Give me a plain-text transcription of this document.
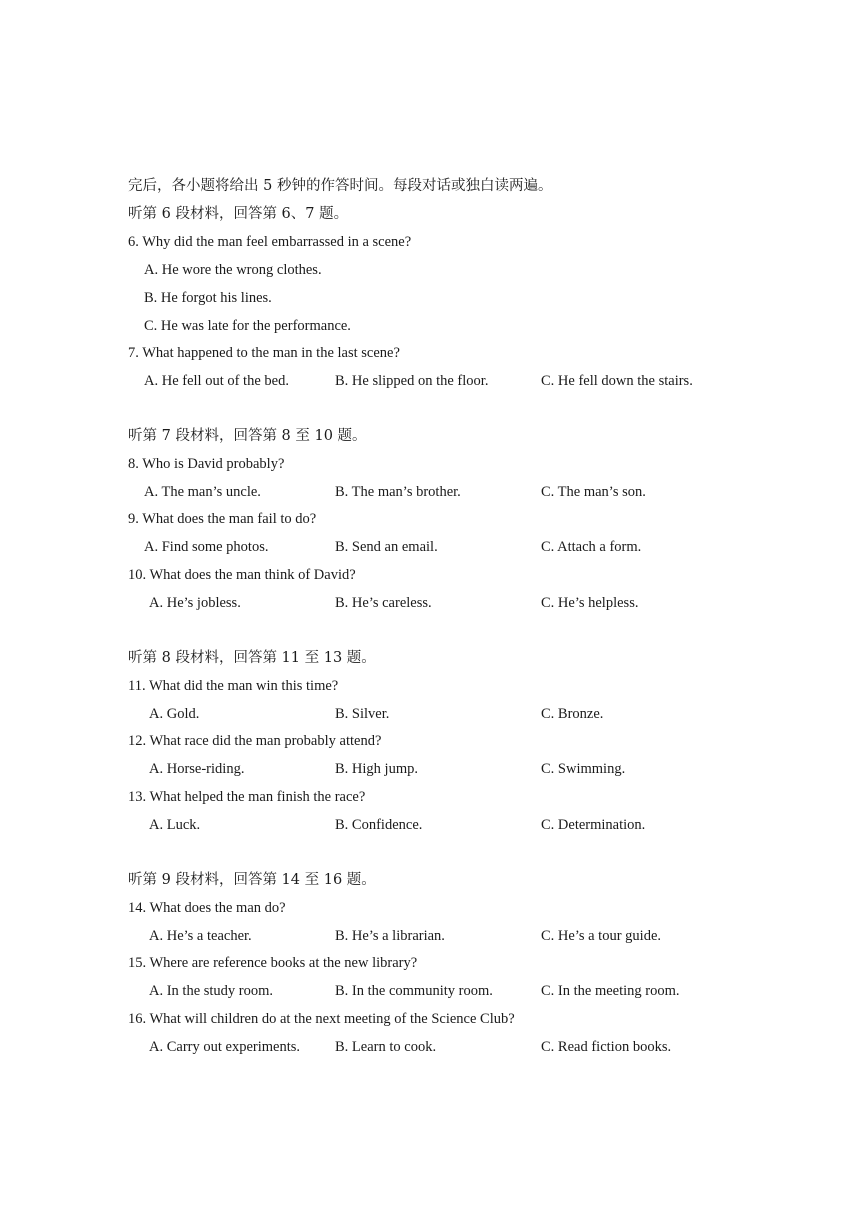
完后，各小题将给出 5 秒钟的作答时间。每段对话或独白读两遍。
听第 6 段材料，回答第 6、7 题。
6. Why did the man feel embarrassed in a scene?
A. He wore the wrong clothes.
B. He forgot his lines.
C. He was late for the performance.
7. What happened to the man in the last scene?
A. He fell out of the bed.	B. He slipped on the floor.	C. He fell down the stairs.
听第 7 段材料，回答第 8 至 10 题。
8. Who is David probably?
A. The man’s uncle.	B. The man’s brother.	C. The man’s son.
9. What does the man fail to do?
A. Find some photos.	B. Send an email.	C. Attach a form.
10. What does the man think of David?
A. He’s jobless.	B. He’s careless.	C. He’s helpless.
听第 8 段材料，回答第 11 至 13 题。
11. What did the man win this time?
A. Gold.	B. Silver.	C. Bronze.
12. What race did the man probably attend?
A. Horse-riding.	B. High jump.	C. Swimming.
13. What helped the man finish the race?
A. Luck.	B. Confidence.	C. Determination.
听第 9 段材料，回答第 14 至 16 题。
14. What does the man do?
A. He’s a teacher.	B. He’s a librarian.	C. He’s a tour guide.
15. Where are reference books at the new library?
A. In the study room.	B. In the community room.	C. In the meeting room.
16. What will children do at the next meeting of the Science Club?
A. Carry out experiments. B. Learn to cook.	C. Read fiction books.
